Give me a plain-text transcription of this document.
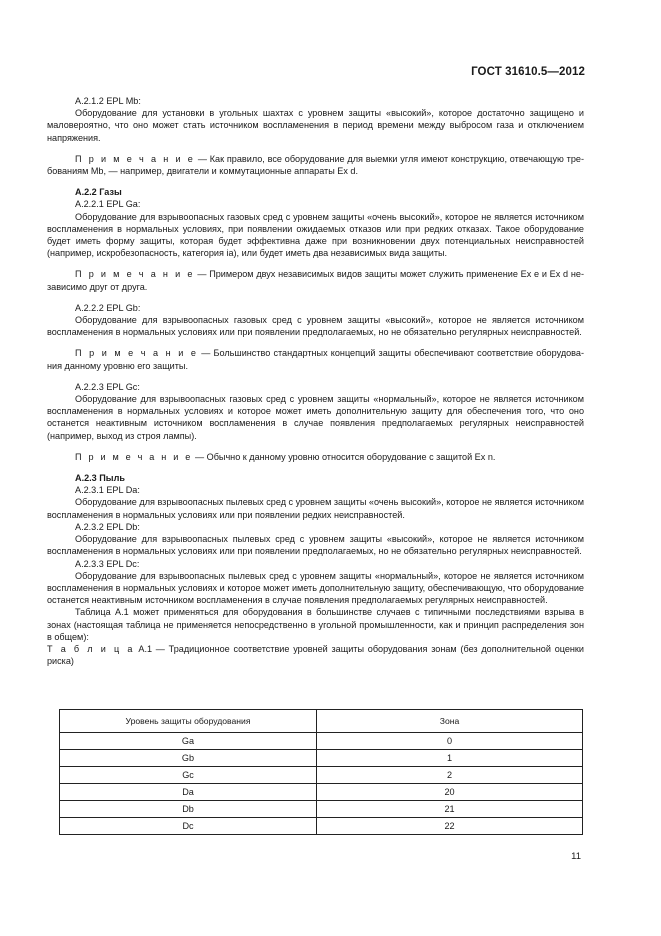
ГОСТ 31610.5—2012

A.2.1.2 EPL Mb:

Оборудование для установки в угольных шахтах с уровнем защиты «высокий», которое достаточно защищено и маловероятно, что оно может стать источником воспламенения в период времени между выбросом газа и отключением напряжения.

П р и м е ч а н и е — Как правило, все оборудование для выемки угля имеют конструкцию, отвечающую требованиям Mb, — например, двигатели и коммутационные аппараты Ex d.

A.2.2 Газы

A.2.2.1 EPL Ga:

Оборудование для взрывоопасных газовых сред с уровнем защиты «очень высокий», которое не является источником воспламенения в нормальных условиях, при появлении ожидаемых отказов или при редких отказах. Такое оборудование будет иметь форму защиты, которая будет эффективна даже при возникновении двух потенциальных неисправностей (например, искробезопасность, категория ia), или будет иметь два независимых вида защиты.

П р и м е ч а н и е — Примером двух независимых видов защиты может служить применение Ex e и Ex d независимо друг от друга.

A.2.2.2 EPL Gb:

Оборудование для взрывоопасных газовых сред с уровнем защиты «высокий», которое не является источником воспламенения в нормальных условиях или при появлении предполагаемых, но не обязательно регулярных неисправностей.

П р и м е ч а н и е — Большинство стандартных концепций защиты обеспечивают соответствие оборудования данному уровню его защиты.

A.2.2.3 EPL Gc:

Оборудование для взрывоопасных газовых сред с уровнем защиты «нормальный», которое не является источником воспламенения в нормальных условиях и которое может иметь дополнительную защиту для обеспечения того, что оно останется неактивным источником воспламенения в случае появления предполагаемых регулярных неисправностей (например, выход из строя лампы).

П р и м е ч а н и е — Обычно к данному уровню относится оборудование с защитой Ex n.

A.2.3 Пыль

A.2.3.1 EPL Da:

Оборудование для взрывоопасных пылевых сред с уровнем защиты «очень высокий», которое не является источником воспламенения в нормальных условиях или при появлении редких неисправностей.

A.2.3.2 EPL Db:

Оборудование для взрывоопасных пылевых сред с уровнем защиты «высокий», которое не является источником воспламенения в нормальных условиях или при появлении предполагаемых, но не обязательно регулярных неисправностей.

A.2.3.3 EPL Dc:

Оборудование для взрывоопасных пылевых сред с уровнем защиты «нормальный», которое не является источником воспламенения в нормальных условиях и которое может иметь дополнительную защиту, обеспечивающую, что оборудование останется неактивным источником воспламенения в случае появления предполагаемых регулярных неисправностей.

Таблица А.1 может применяться для оборудования в большинстве случаев с типичными последствиями взрыва в зонах (настоящая таблица не применяется непосредственно в угольной промышленности, как и принцип распределения зон в общем):

Т а б л и ц а А.1 — Традиционное соответствие уровней защиты оборудования зонам (без дополнительной оценки риска)

Уровень защиты оборудования	Зона
Ga	0
Gb	1
Gc	2
Da	20
Db	21
Dc	22
11
